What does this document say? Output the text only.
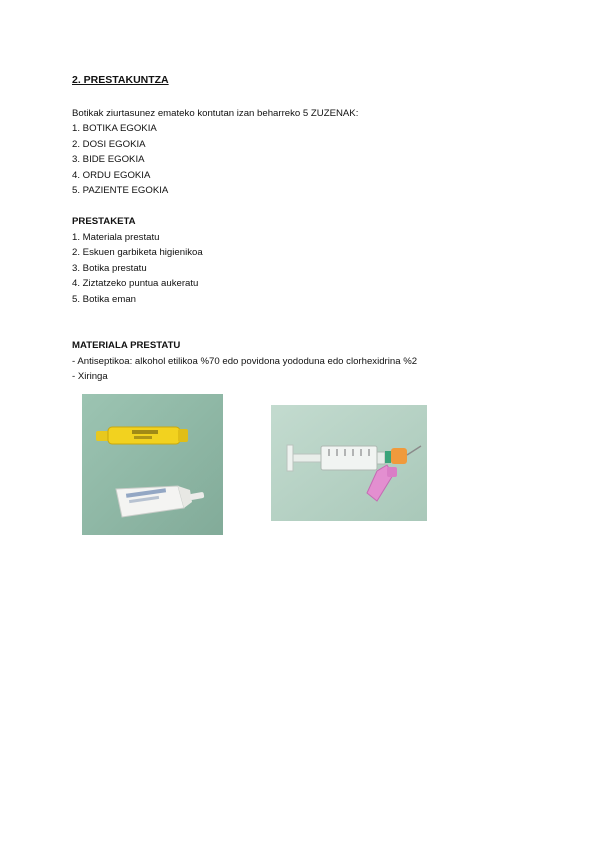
2. PRESTAKUNTZA
Botikak ziurtasunez emateko kontutan izan beharreko 5 ZUZENAK:
1. BOTIKA EGOKIA
2. DOSI EGOKIA
3. BIDE EGOKIA
4. ORDU EGOKIA
5. PAZIENTE EGOKIA
PRESTAKETA
1. Materiala prestatu
2. Eskuen garbiketa higienikoa
3. Botika prestatu
4. Ziztatzeko puntua aukeratu
5. Botika eman
MATERIALA PRESTATU
- Antiseptikoa: alkohol etilikoa %70 edo povidona yododuna edo clorhexidrina %2
- Xiringa
